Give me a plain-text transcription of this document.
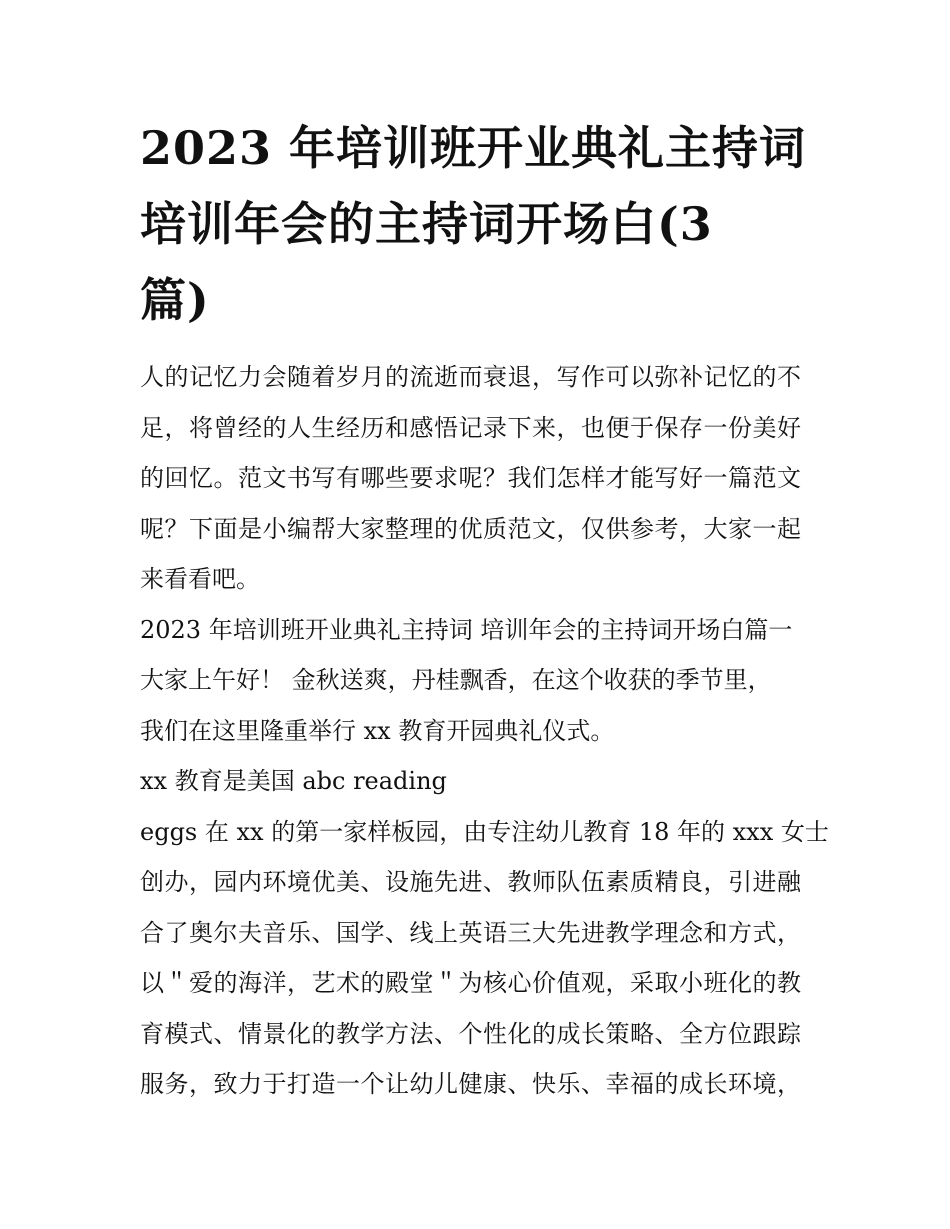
2023 年培训班开业典礼主持词
培训年会的主持词开场白(3
篇)
人的记忆力会随着岁月的流逝而衰退，写作可以弥补记忆的不
足，将曾经的人生经历和感悟记录下来，也便于保存一份美好
的回忆。范文书写有哪些要求呢？我们怎样才能写好一篇范文
呢？下面是小编帮大家整理的优质范文，仅供参考，大家一起
来看看吧。
2023 年培训班开业典礼主持词 培训年会的主持词开场白篇一
大家上午好！ 金秋送爽，丹桂飘香，在这个收获的季节里，
我们在这里隆重举行 xx 教育开园典礼仪式。
xx 教育是美国 abc reading
eggs 在 xx 的第一家样板园，由专注幼儿教育 18 年的 xxx 女士
创办，园内环境优美、设施先进、教师队伍素质精良，引进融
合了奥尔夫音乐、国学、线上英语三大先进教学理念和方式，
以＂爱的海洋，艺术的殿堂＂为核心价值观，采取小班化的教
育模式、情景化的教学方法、个性化的成长策略、全方位跟踪
服务，致力于打造一个让幼儿健康、快乐、幸福的成长环境，
